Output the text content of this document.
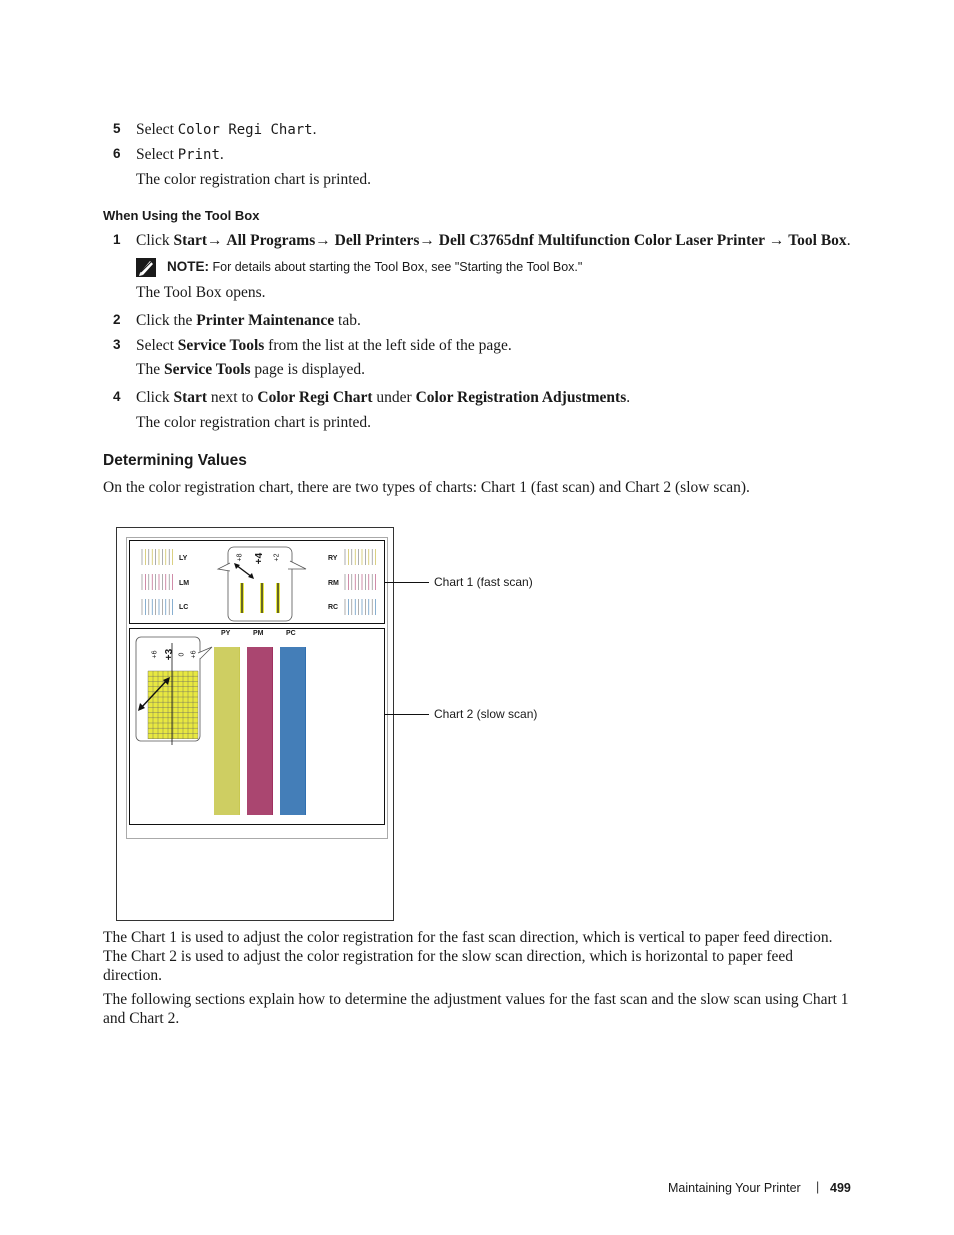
5 Select Color Regi Chart.
6 Select Print.
The color registration chart is printed.
When Using the Tool Box
1 Click Start→ All Programs→ Dell Printers→ Dell C3765dnf Multifunction Color Laser Printer → Tool Box.
NOTE: For details about starting the Tool Box, see "Starting the Tool Box."
The Tool Box opens.
2 Click the Printer Maintenance tab.
3 Select Service Tools from the list at the left side of the page.
The Service Tools page is displayed.
4 Click Start next to Color Regi Chart under Color Registration Adjustments.
The color registration chart is printed.
Determining Values
On the color registration chart, there are two types of charts: Chart 1 (fast scan) and Chart 2 (slow scan).
LY
LM
LC
RY
RM
RC
+8 +4 +2
PY	PM	PC
+6 +3 0 +6
Chart 1 (fast scan)
Chart 2 (slow scan)
The Chart 1 is used to adjust the color registration for the fast scan direction, which is vertical to paper feed direction. The Chart 2 is used to adjust the color registration for the slow scan direction, which is horizontal to paper feed direction.
The following sections explain how to determine the adjustment values for the fast scan and the slow scan using Chart 1 and Chart 2.
Maintaining Your Printer | 499
